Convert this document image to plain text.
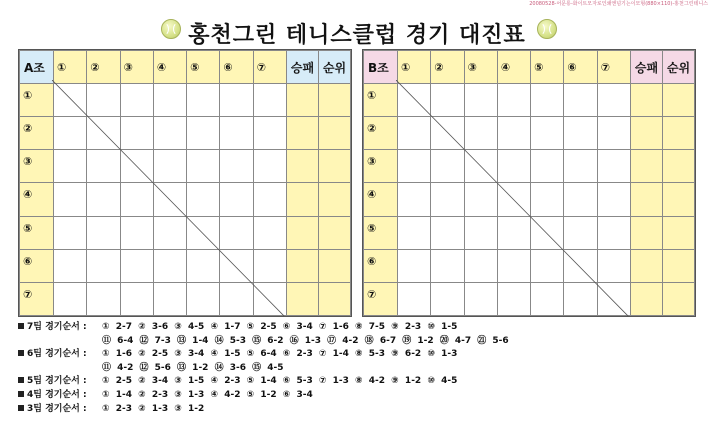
20080528-어문롱-화이트모자로인쇄앤넘기는이모형(880×110)-홍천그린테니스
홍천그린 테니스클럽 경기 대진표
A조	①	②	③	④	⑤	⑥	⑦	승패	순위
①									
②									
③									
④									
⑤									
⑥									
⑦									
B조	①	②	③	④	⑤	⑥	⑦	승패	순위
①									
②									
③									
④									
⑤									
⑥									
⑦									
7팀 경기순서 : ① 2-7 ② 3-6 ③ 4-5 ④ 1-7 ⑤ 2-5 ⑥ 3-4 ⑦ 1-6 ⑧ 7-5 ⑨ 2-3 ⑩ 1-5
⑪ 6-4 ⑫ 7-3 ⑬ 1-4 ⑭ 5-3 ⑮ 6-2 ⑯ 1-3 ⑰ 4-2 ⑱ 6-7 ⑲ 1-2 ⑳ 4-7 ㉑ 5-6
6팀 경기순서 : ① 1-6 ② 2-5 ③ 3-4 ④ 1-5 ⑤ 6-4 ⑥ 2-3 ⑦ 1-4 ⑧ 5-3 ⑨ 6-2 ⑩ 1-3
⑪ 4-2 ⑫ 5-6 ⑬ 1-2 ⑭ 3-6 ⑮ 4-5
5팀 경기순서 : ① 2-5 ② 3-4 ③ 1-5 ④ 2-3 ⑤ 1-4 ⑥ 5-3 ⑦ 1-3 ⑧ 4-2 ⑨ 1-2 ⑩ 4-5
4팀 경기순서 : ① 1-4 ② 2-3 ③ 1-3 ④ 4-2 ⑤ 1-2 ⑥ 3-4
3팀 경기순서 : ① 2-3 ② 1-3 ③ 1-2
